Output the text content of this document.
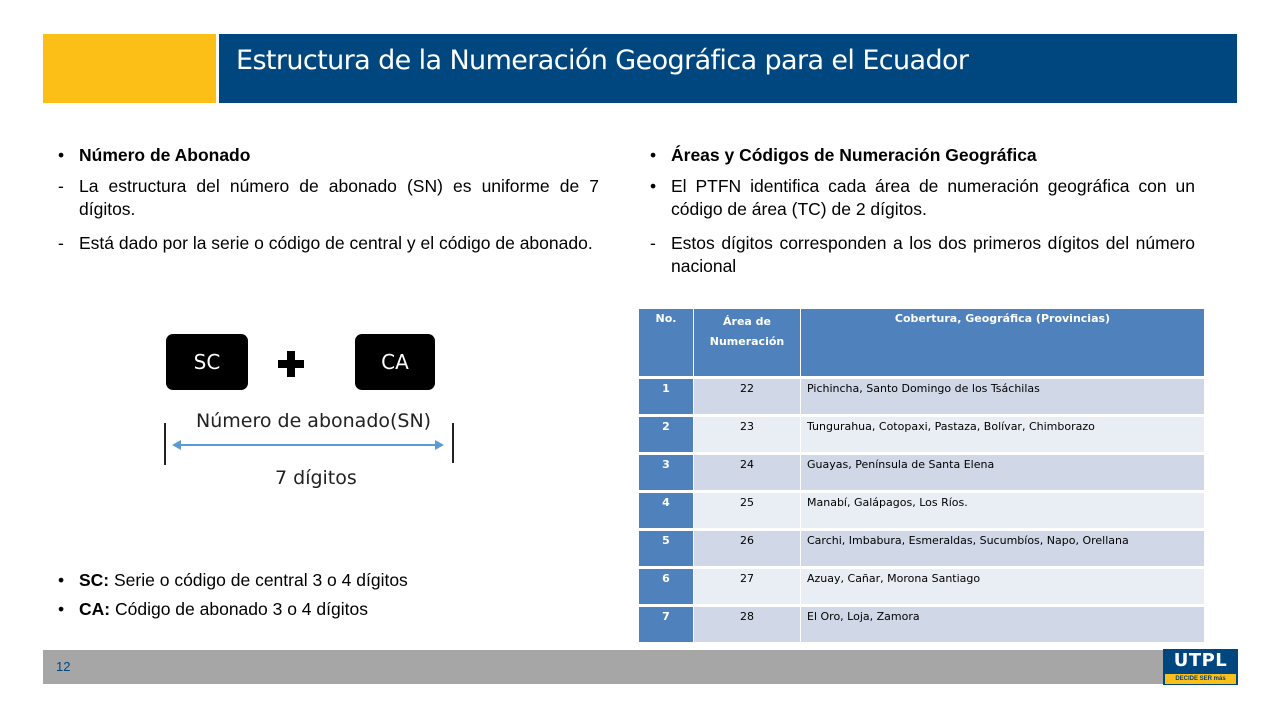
Estructura de la Numeración Geográfica para el Ecuador
• Número de Abonado
- La estructura del número de abonado (SN) es uniforme de 7 dígitos.
- Está dado por la serie o código de central y el código de abonado.
• SC: Serie o código de central 3 o 4 dígitos
• CA: Código de abonado 3 o 4 dígitos
SC	CA
Número de abonado(SN)
7 dígitos
• Áreas y Códigos de Numeración Geográfica
• El PTFN identifica cada área de numeración geográfica con un código de área (TC) de 2 dígitos.
- Estos dígitos corresponden a los dos primeros dígitos del número nacional
No.	Área de Numeración	Cobertura, Geográfica (Provincias)
1	22	Pichincha, Santo Domingo de los Tsáchilas
2	23	Tungurahua, Cotopaxi, Pastaza, Bolívar, Chimborazo
3	24	Guayas, Península de Santa Elena
4	25	Manabí, Galápagos, Los Ríos.
5	26	Carchi, Imbabura, Esmeraldas, Sucumbíos, Napo, Orellana
6	27	Azuay, Cañar, Morona Santiago
7	28	El Oro, Loja, Zamora
12	UTPL
DECIDE SER más
